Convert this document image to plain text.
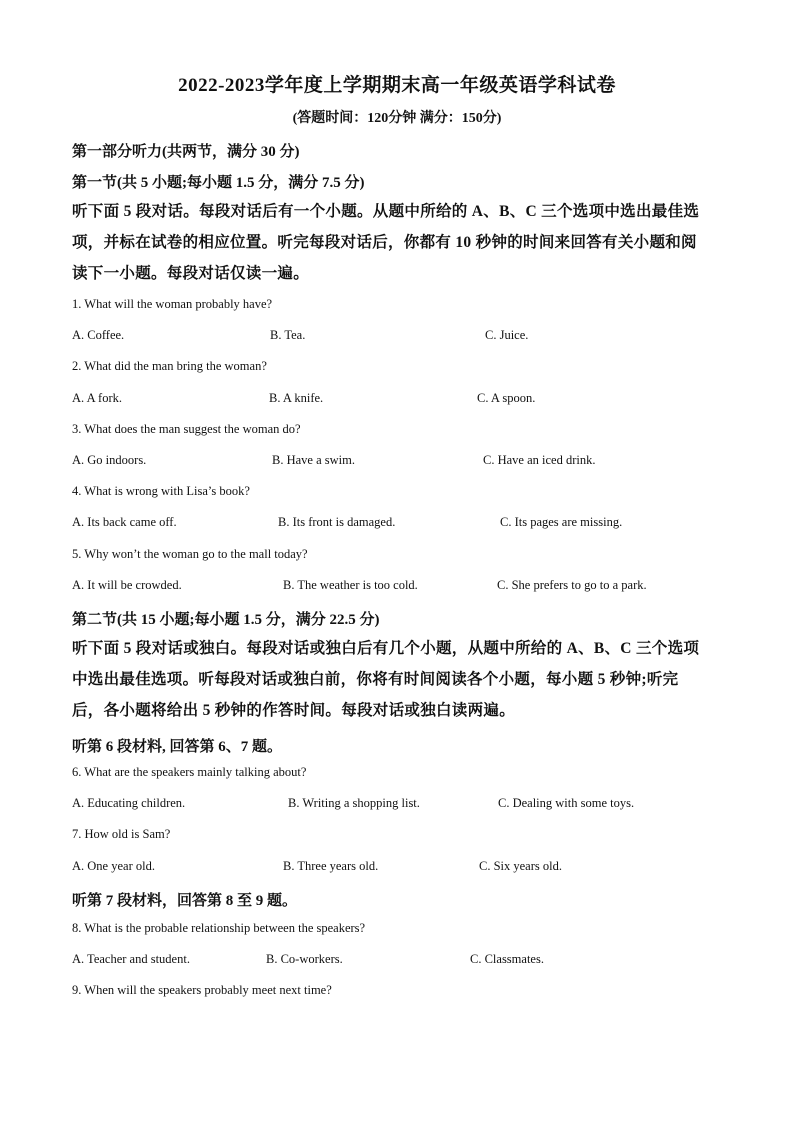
2022-2023学年度上学期期末高一年级英语学科试卷
(答题时间：120分钟 满分：150分)
第一部分听力(共两节，满分 30 分)
第一节(共 5 小题;每小题 1.5 分，满分 7.5 分)
听下面 5 段对话。每段对话后有一个小题。从题中所给的 A、B、C 三个选项中选出最佳选
项，并标在试卷的相应位置。听完每段对话后，你都有 10 秒钟的时间来回答有关小题和阅
读下一小题。每段对话仅读一遍。
1. What will the woman probably have?
A. Coffee.	B. Tea.	C. Juice.
2. What did the man bring the woman?
A. A fork.	B. A knife.	C. A spoon.
3. What does the man suggest the woman do?
A. Go indoors.	B. Have a swim.	C. Have an iced drink.
4. What is wrong with Lisa’s book?
A. Its back came off.	B. Its front is damaged.	C. Its pages are missing.
5. Why won’t the woman go to the mall today?
A. It will be crowded.	B. The weather is too cold.	C. She prefers to go to a park.
第二节(共 15 小题;每小题 1.5 分，满分 22.5 分)
听下面 5 段对话或独白。每段对话或独白后有几个小题，从题中所给的 A、B、C 三个选项
中选出最佳选项。听每段对话或独白前，你将有时间阅读各个小题，每小题 5 秒钟;听完
后，各小题将给出 5 秒钟的作答时间。每段对话或独白读两遍。
听第 6 段材料, 回答第 6、7 题。
6. What are the speakers mainly talking about?
A. Educating children.	B. Writing a shopping list.	C. Dealing with some toys.
7. How old is Sam?
A. One year old.	B. Three years old.	C. Six years old.
听第 7 段材料，回答第 8 至 9 题。
8. What is the probable relationship between the speakers?
A. Teacher and student.	B. Co-workers.	C. Classmates.
9. When will the speakers probably meet next time?
